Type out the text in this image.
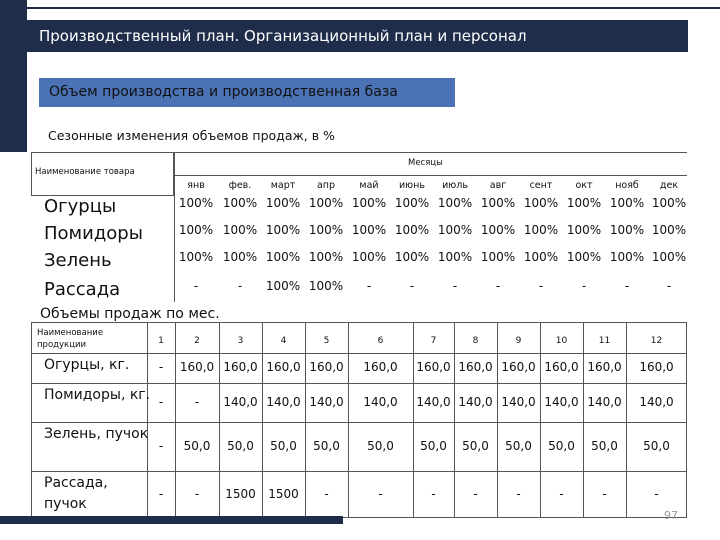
Производственный план. Организационный план и персонал
Объем производства и производственная база
Сезонные изменения объемов продаж, в %
Наименование товара
Месяцы
янв	фев.	март	апр	май	июнь	июль	авг	сент	окт	нояб	дек
Огурцы	100% 100% 100% 100% 100% 100% 100% 100% 100% 100% 100% 100%
Помидоры	100% 100% 100% 100% 100% 100% 100% 100% 100% 100% 100% 100%
Зелень	100% 100% 100% 100% 100% 100% 100% 100% 100% 100% 100% 100%
Рассада	-	-	100% 100%	-	-	-	-	-	-	-	-
Объемы продаж по мес.
Наименование продукции	1	2	3	4	5	6	7	8	9	10	11	12
Огурцы, кг.	-	160,0 160,0 160,0 160,0	160,0	160,0 160,0 160,0 160,0 160,0	160,0
Помидоры, кг. -	-	140,0 140,0 140,0	140,0	140,0 140,0 140,0 140,0 140,0	140,0
Зелень, пучок
-	50,0	50,0	50,0	50,0	50,0	50,0	50,0	50,0	50,0	50,0	50,0
Рассада, пучок
-	-	1500	1500	-	-	-	-	-	-	-	-
97
